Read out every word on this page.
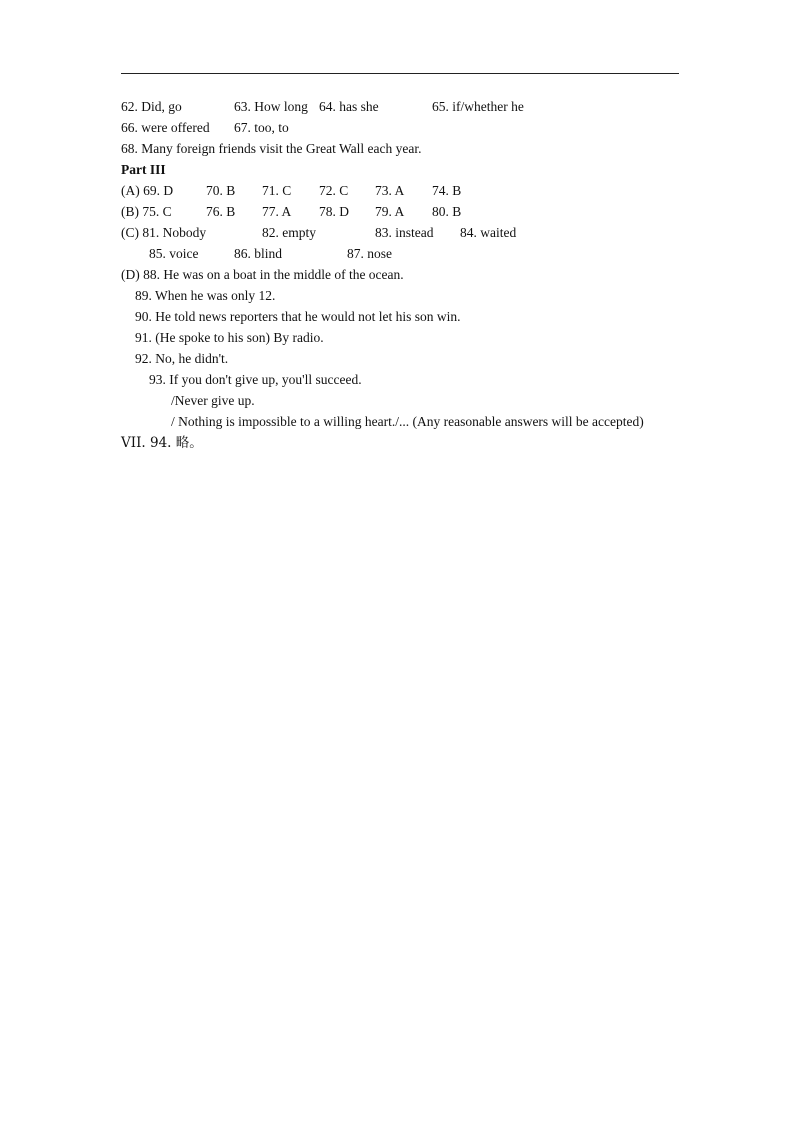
62. Did, go	63. How long 64. has she	65. if/whether he
66. were offered 67. too, to
68. Many foreign friends visit the Great Wall each year.
Part III
(A) 69. D 70. B 71. C 72. C 73. A 74. B
(B) 75. C	76. B 77. A 78. D 79. A 80. B
(C) 81. Nobody	82. empty	83. instead 84. waited
85. voice	86. blind	87. nose
(D) 88. He was on a boat in the middle of the ocean.
89. When he was only 12.
90. He told news reporters that he would not let his son win.
91. (He spoke to his son) By radio.
92. No, he didn't.
93. If you don't give up, you'll succeed.
/Never give up.
/ Nothing is impossible to a willing heart./... (Any reasonable answers will be accepted)
VII. 94. 略。
